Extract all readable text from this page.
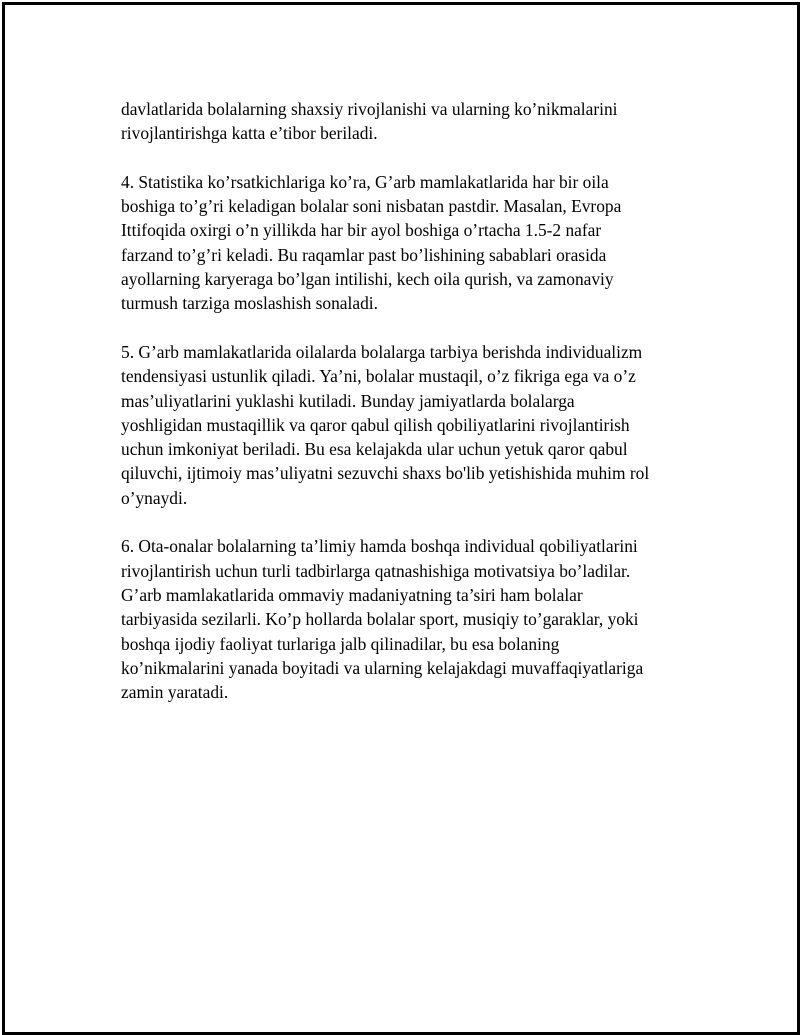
davlatlarida bolalarning shaxsiy rivojlanishi va ularning ko’nikmalarini
rivojlantirishga katta e’tibor beriladi.

4. Statistika ko’rsatkichlariga ko’ra, G’arb mamlakatlarida har bir oila
boshiga to’g’ri keladigan bolalar soni nisbatan pastdir. Masalan, Evropa
Ittifoqida oxirgi o’n yillikda har bir ayol boshiga o’rtacha 1.5-2 nafar
farzand to’g’ri keladi. Bu raqamlar past bo’lishining sabablari orasida
ayollarning karyeraga bo’lgan intilishi, kech oila qurish, va zamonaviy
turmush tarziga moslashish sonaladi.

5. G’arb mamlakatlarida oilalarda bolalarga tarbiya berishda individualizm
tendensiyasi ustunlik qiladi. Ya’ni, bolalar mustaqil, o’z fikriga ega va o’z
mas’uliyatlarini yuklashi kutiladi. Bunday jamiyatlarda bolalarga
yoshligidan mustaqillik va qaror qabul qilish qobiliyatlarini rivojlantirish
uchun imkoniyat beriladi. Bu esa kelajakda ular uchun yetuk qaror qabul
qiluvchi, ijtimoiy mas’uliyatni sezuvchi shaxs bo'lib yetishishida muhim rol
o’ynaydi.

6. Ota-onalar bolalarning ta’limiy hamda boshqa individual qobiliyatlarini
rivojlantirish uchun turli tadbirlarga qatnashishiga motivatsiya bo’ladilar.
G’arb mamlakatlarida ommaviy madaniyatning ta’siri ham bolalar
tarbiyasida sezilarli. Ko’p hollarda bolalar sport, musiqiy to’garaklar, yoki
boshqa ijodiy faoliyat turlariga jalb qilinadilar, bu esa bolaning
ko’nikmalarini yanada boyitadi va ularning kelajakdagi muvaffaqiyatlariga
zamin yaratadi.
